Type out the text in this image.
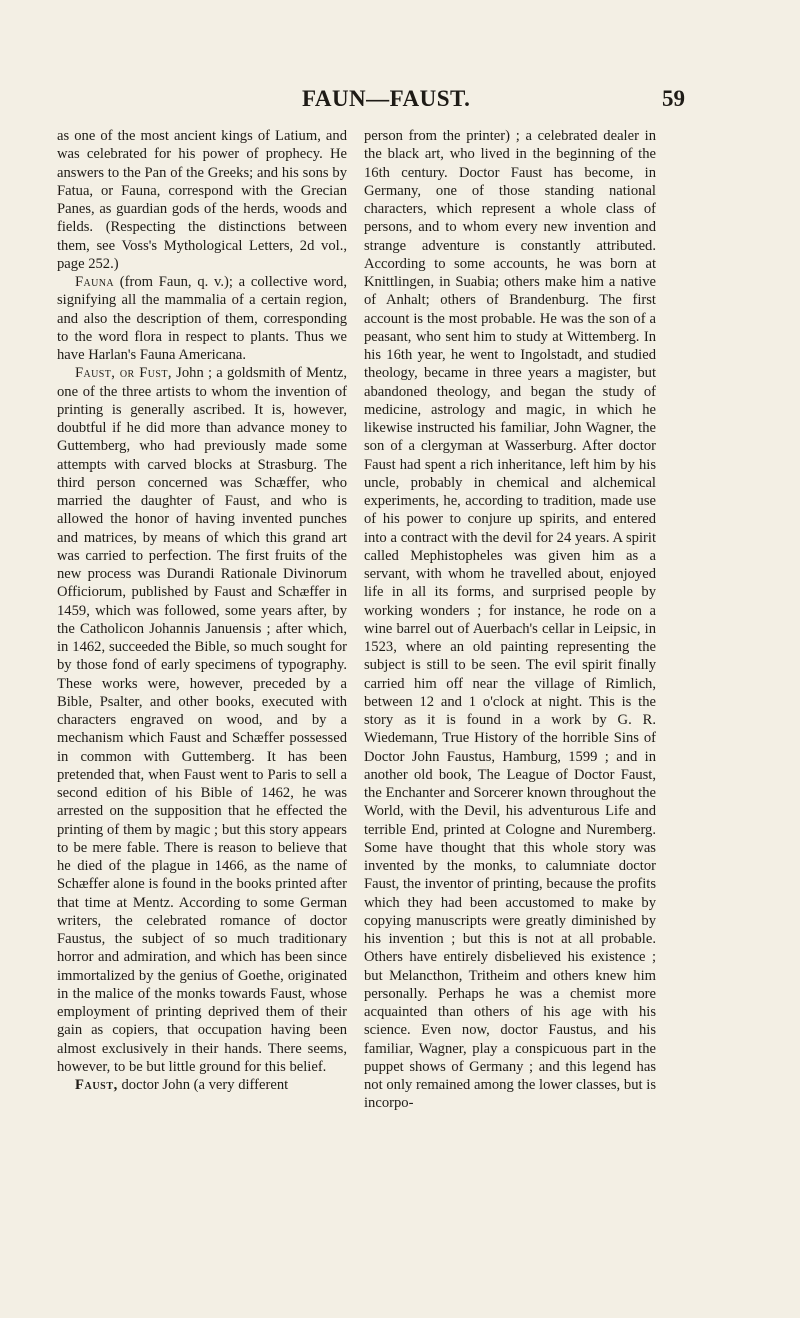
FAUN—FAUST.	59

as one of the most ancient kings of Latium, and was celebrated for his power of prophecy. He answers to the Pan of the Greeks; and his sons by Fatua, or Fauna, correspond with the Grecian Panes, as guardian gods of the herds, woods and fields. (Respecting the distinctions between them, see Voss's Mythological Letters, 2d vol., page 252.)

Fauna (from Faun, q. v.); a collective word, signifying all the mammalia of a certain region, and also the description of them, corresponding to the word flora in respect to plants. Thus we have Harlan's Fauna Americana.

Faust, or Fust, John ; a goldsmith of Mentz, one of the three artists to whom the invention of printing is generally ascribed. It is, however, doubtful if he did more than advance money to Guttemberg, who had previously made some attempts with carved blocks at Strasburg. The third person concerned was Schæffer, who married the daughter of Faust, and who is allowed the honor of having invented punches and matrices, by means of which this grand art was carried to perfection. The first fruits of the new process was Durandi Rationale Divinorum Officiorum, published by Faust and Schæffer in 1459, which was followed, some years after, by the Catholicon Johannis Januensis ; after which, in 1462, succeeded the Bible, so much sought for by those fond of early specimens of typography. These works were, however, preceded by a Bible, Psalter, and other books, executed with characters engraved on wood, and by a mechanism which Faust and Schæffer possessed in common with Guttemberg. It has been pretended that, when Faust went to Paris to sell a second edition of his Bible of 1462, he was arrested on the supposition that he effected the printing of them by magic ; but this story appears to be mere fable. There is reason to believe that he died of the plague in 1466, as the name of Schæffer alone is found in the books printed after that time at Mentz. According to some German writers, the celebrated romance of doctor Faustus, the subject of so much traditionary horror and admiration, and which has been since immortalized by the genius of Goethe, originated in the malice of the monks towards Faust, whose employment of printing deprived them of their gain as copiers, that occupation having been almost exclusively in their hands. There seems, however, to be but little ground for this belief.

Faust, doctor John (a very different

person from the printer) ; a celebrated dealer in the black art, who lived in the beginning of the 16th century. Doctor Faust has become, in Germany, one of those standing national characters, which represent a whole class of persons, and to whom every new invention and strange adventure is constantly attributed. According to some accounts, he was born at Knittlingen, in Suabia; others make him a native of Anhalt; others of Brandenburg. The first account is the most probable. He was the son of a peasant, who sent him to study at Wittemberg. In his 16th year, he went to Ingolstadt, and studied theology, became in three years a magister, but abandoned theology, and began the study of medicine, astrology and magic, in which he likewise instructed his familiar, John Wagner, the son of a clergyman at Wasserburg. After doctor Faust had spent a rich inheritance, left him by his uncle, probably in chemical and alchemical experiments, he, according to tradition, made use of his power to conjure up spirits, and entered into a contract with the devil for 24 years. A spirit called Mephistopheles was given him as a servant, with whom he travelled about, enjoyed life in all its forms, and surprised people by working wonders ; for instance, he rode on a wine barrel out of Auerbach's cellar in Leipsic, in 1523, where an old painting representing the subject is still to be seen. The evil spirit finally carried him off near the village of Rimlich, between 12 and 1 o'clock at night. This is the story as it is found in a work by G. R. Wiedemann, True History of the horrible Sins of Doctor John Faustus, Hamburg, 1599 ; and in another old book, The League of Doctor Faust, the Enchanter and Sorcerer known throughout the World, with the Devil, his adventurous Life and terrible End, printed at Cologne and Nuremberg. Some have thought that this whole story was invented by the monks, to calumniate doctor Faust, the inventor of printing, because the profits which they had been accustomed to make by copying manuscripts were greatly diminished by his invention ; but this is not at all probable. Others have entirely disbelieved his existence ; but Melancthon, Tritheim and others knew him personally. Perhaps he was a chemist more acquainted than others of his age with his science. Even now, doctor Faustus, and his familiar, Wagner, play a conspicuous part in the puppet shows of Germany ; and this legend has not only remained among the lower classes, but is incorpo-
